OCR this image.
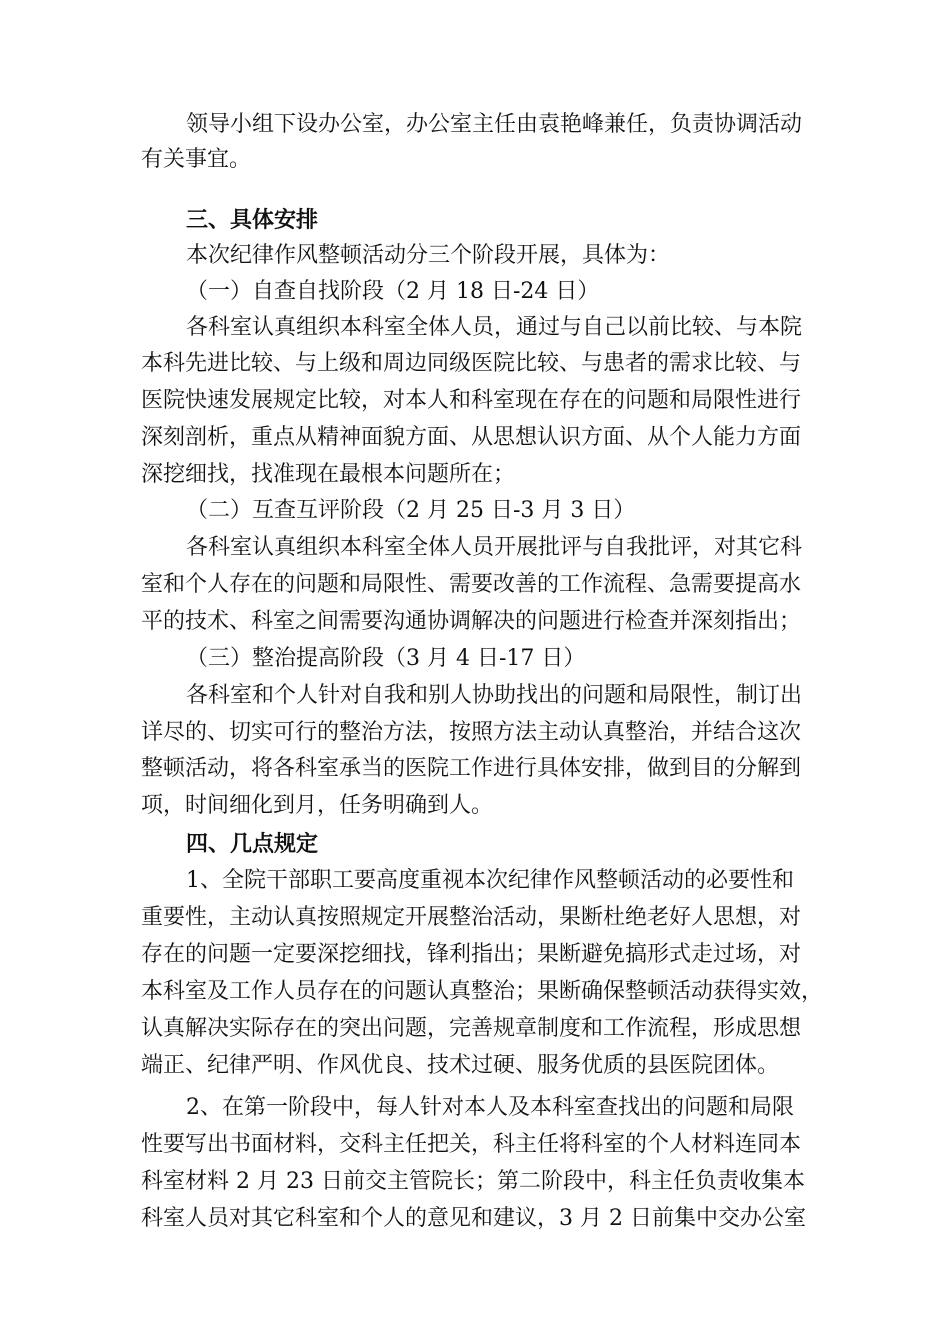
领导小组下设办公室，办公室主任由袁艳峰兼任，负责协调活动
有关事宜。
三、具体安排
本次纪律作风整顿活动分三个阶段开展，具体为：
（一）自查自找阶段（2 月 18 日-24 日）
各科室认真组织本科室全体人员，通过与自己以前比较、与本院
本科先进比较、与上级和周边同级医院比较、与患者的需求比较、与
医院快速发展规定比较，对本人和科室现在存在的问题和局限性进行
深刻剖析，重点从精神面貌方面、从思想认识方面、从个人能力方面
深挖细找，找准现在最根本问题所在；
（二）互查互评阶段（2 月 25 日-3 月 3 日）
各科室认真组织本科室全体人员开展批评与自我批评，对其它科
室和个人存在的问题和局限性、需要改善的工作流程、急需要提高水
平的技术、科室之间需要沟通协调解决的问题进行检查并深刻指出；
（三）整治提高阶段（3 月 4 日-17 日）
各科室和个人针对自我和别人协助找出的问题和局限性，制订出
详尽的、切实可行的整治方法，按照方法主动认真整治，并结合这次
整顿活动，将各科室承当的医院工作进行具体安排，做到目的分解到
项，时间细化到月，任务明确到人。
四、几点规定
1、全院干部职工要高度重视本次纪律作风整顿活动的必要性和
重要性，主动认真按照规定开展整治活动，果断杜绝老好人思想，对
存在的问题一定要深挖细找，锋利指出；果断避免搞形式走过场，对
本科室及工作人员存在的问题认真整治；果断确保整顿活动获得实效，
认真解决实际存在的突出问题，完善规章制度和工作流程，形成思想
端正、纪律严明、作风优良、技术过硬、服务优质的县医院团体。
2、在第一阶段中，每人针对本人及本科室查找出的问题和局限
性要写出书面材料，交科主任把关，科主任将科室的个人材料连同本
科室材料 2 月 23 日前交主管院长；第二阶段中，科主任负责收集本
科室人员对其它科室和个人的意见和建议，3 月 2 日前集中交办公室
